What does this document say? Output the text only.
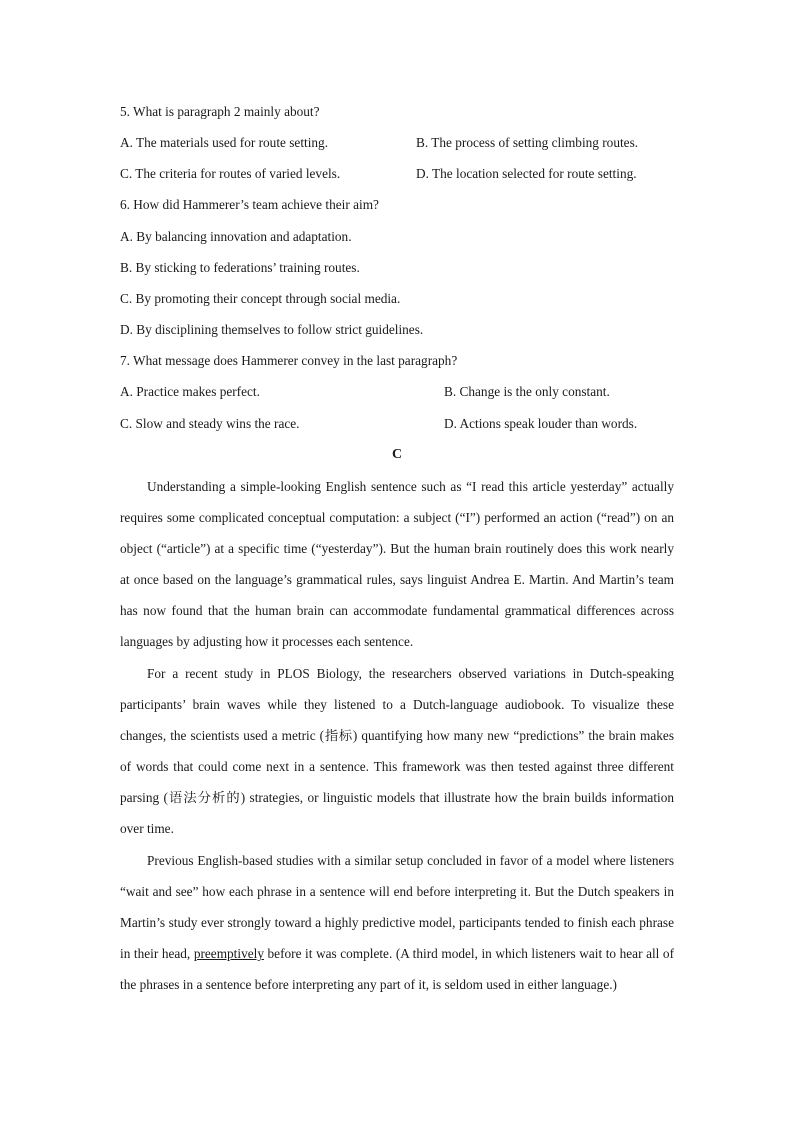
5. What is paragraph 2 mainly about?
A. The materials used for route setting.	B. The process of setting climbing routes.
C. The criteria for routes of varied levels.	D. The location selected for route setting.
6. How did Hammerer’s team achieve their aim?
A. By balancing innovation and adaptation.
B. By sticking to federations’ training routes.
C. By promoting their concept through social media.
D. By disciplining themselves to follow strict guidelines.
7. What message does Hammerer convey in the last paragraph?
A. Practice makes perfect.	B. Change is the only constant.
C. Slow and steady wins the race.	D. Actions speak louder than words.
C

Understanding a simple-looking English sentence such as “I read this article yesterday” actually requires some complicated conceptual computation: a subject (“I”) performed an action (“read”) on an object (“article”) at a specific time (“yesterday”). But the human brain routinely does this work nearly at once based on the language’s grammatical rules, says linguist Andrea E. Martin. And Martin’s team has now found that the human brain can accommodate fundamental grammatical differences across languages by adjusting how it processes each sentence.

For a recent study in PLOS Biology, the researchers observed variations in Dutch-speaking participants’ brain waves while they listened to a Dutch-language audiobook. To visualize these changes, the scientists used a metric (指标) quantifying how many new “predictions” the brain makes of words that could come next in a sentence. This framework was then tested against three different parsing (语法分析的) strategies, or linguistic models that illustrate how the brain builds information over time.

Previous English-based studies with a similar setup concluded in favor of a model where listeners “wait and see” how each phrase in a sentence will end before interpreting it. But the Dutch speakers in Martin’s study ever strongly toward a highly predictive model, participants tended to finish each phrase in their head, preemptively before it was complete. (A third model, in which listeners wait to hear all of the phrases in a sentence before interpreting any part of it, is seldom used in either language.)
